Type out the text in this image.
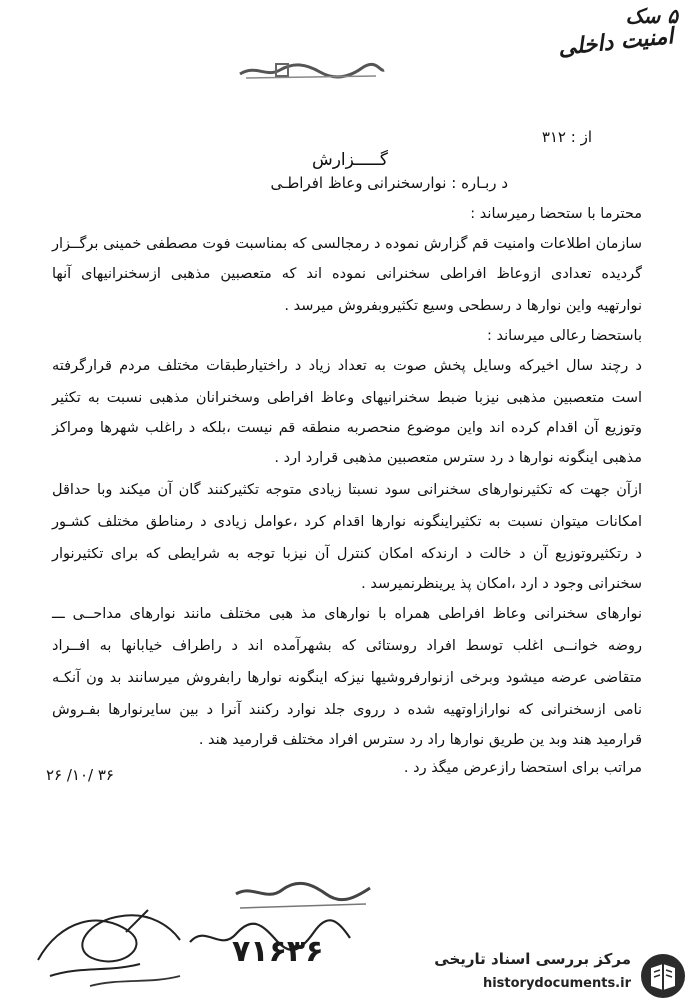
۵ سک
امنیت داخلی
از : ۳۱۲
گـــــزارش
د ربـاره : نوارسخنرانی وعاظ افراطـی
محترما با ستحضا رمیرساند :
سازمان اطلاعات وامنیت قم گزارش نموده د رمجالسی که بمناسبت فوت مصطفی خمینی برگــزار
گردیده تعدادی ازوعاظ افراطی سخنرانی نموده اند که متعصبین مذهبی ازسخنرانیهای آنها
نوارتهیه واین نوارها د رسطحی وسیع تکثیروبفروش میرسد .
باستحضا رعالی میرساند :
د رچند سال اخیرکه وسایل پخش صوت به تعداد زیاد د راختیارطبقات مختلف مردم قرارگرفته
است متعصبین مذهبی نیزبا ضبط سخنرانیهای وعاظ افراطی وسخنرانان مذهبی نسبت به تکثیر
وتوزیع آن اقدام کرده اند واین موضوع منحصربه منطقه قم نیست ،بلکه د راغلب شهرها ومراکز
مذهبی اینگونه نوارها د رد سترس متعصبین مذهبی قرارد ارد .
ازآن جهت که تکثیرنوارهای سخنرانی سود نسبتا زیادی متوجه تکثیرکنند گان آن میکند وبا حداقل
امکانات میتوان نسبت به تکثیراینگونه نوارها اقدام کرد ،عوامل زیادی د رمناطق مختلف کشـور
د رتکثیروتوزیع آن د خالت د ارندکه امکان کنترل آن نیزبا توجه به شرایطی که برای تکثیرنوار
سخنرانی وجود د ارد ،امکان پذ یرینظرنمیرسد .
نوارهای سخنرانی وعاظ افراطی همراه با نوارهای مذ هبی مختلف مانند نوارهای مداحــی ـــ
روضه خوانــی اغلب توسط افراد روستائی که بشهرآمده اند د راطراف خیابانها به افــراد
متقاضی عرضه میشود وبرخی ازنوارفروشیها نیزکه اینگونه نوارها رابفروش میرسانند بد ون آنکـه
نامی ازسخنرانی که نوارازاوتهیه شده د رروی جلد نوارد رکنند آنرا د بین سایرنوارها بفـروش
قرارمید هند وبد ین طریق نوارها راد رد سترس افراد مختلف قرارمید هند .
مراتب برای استحضا رازعرض میگذ رد .
۲۶ /۱۰/ ۳۶
۷۱۶۳۶	مرکز بررسی اسناد تاریخی
historydocuments.ir
